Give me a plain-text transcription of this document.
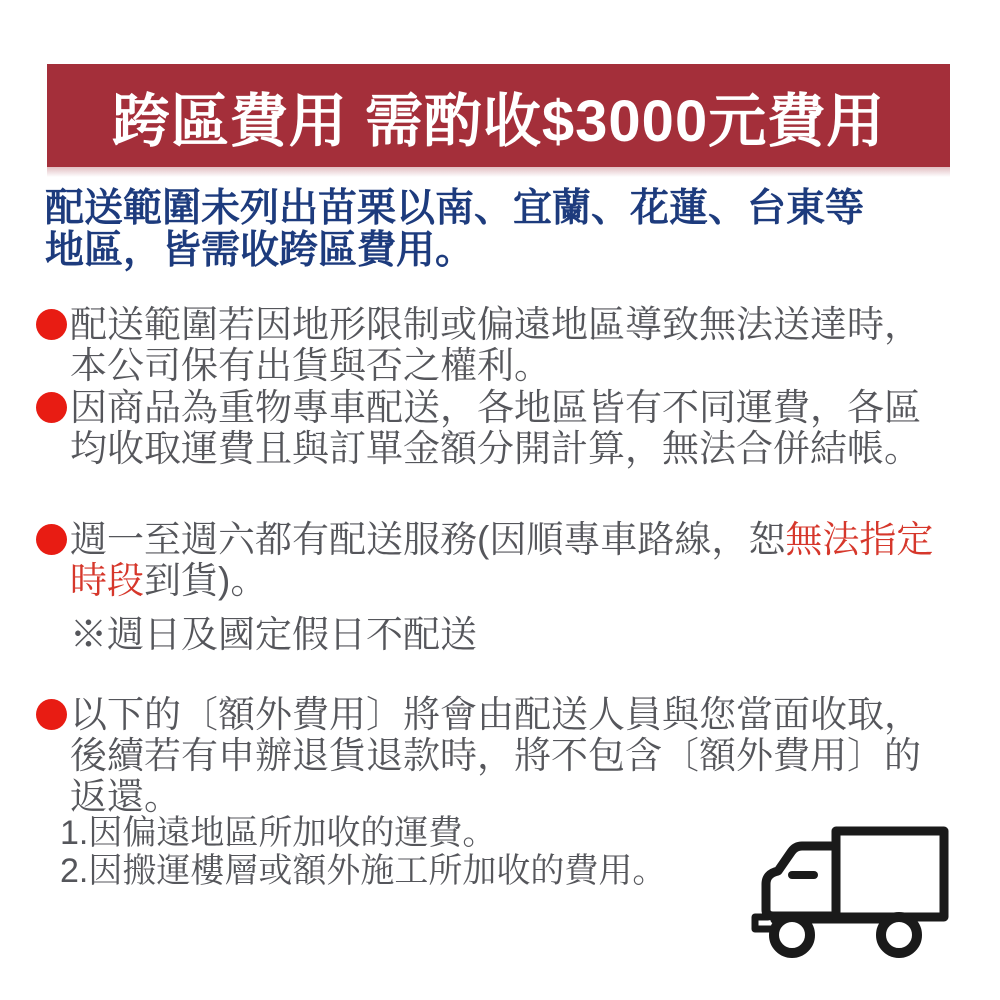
跨區費用 需酌收$3000元費用
配送範圍未列出苗栗以南、宜蘭、花蓮、台東等
地區，皆需收跨區費用。
配送範圍若因地形限制或偏遠地區導致無法送達時，
本公司保有出貨與否之權利。
因商品為重物專車配送，各地區皆有不同運費，各區
均收取運費且與訂單金額分開計算，無法合併結帳。
週一至週六都有配送服務(因順專車路線，恕無法指定
時段到貨)。
※週日及國定假日不配送
以下的〔額外費用〕將會由配送人員與您當面收取，
後續若有申辦退貨退款時，將不包含〔額外費用〕的
返還。
1.因偏遠地區所加收的運費。
2.因搬運樓層或額外施工所加收的費用。
